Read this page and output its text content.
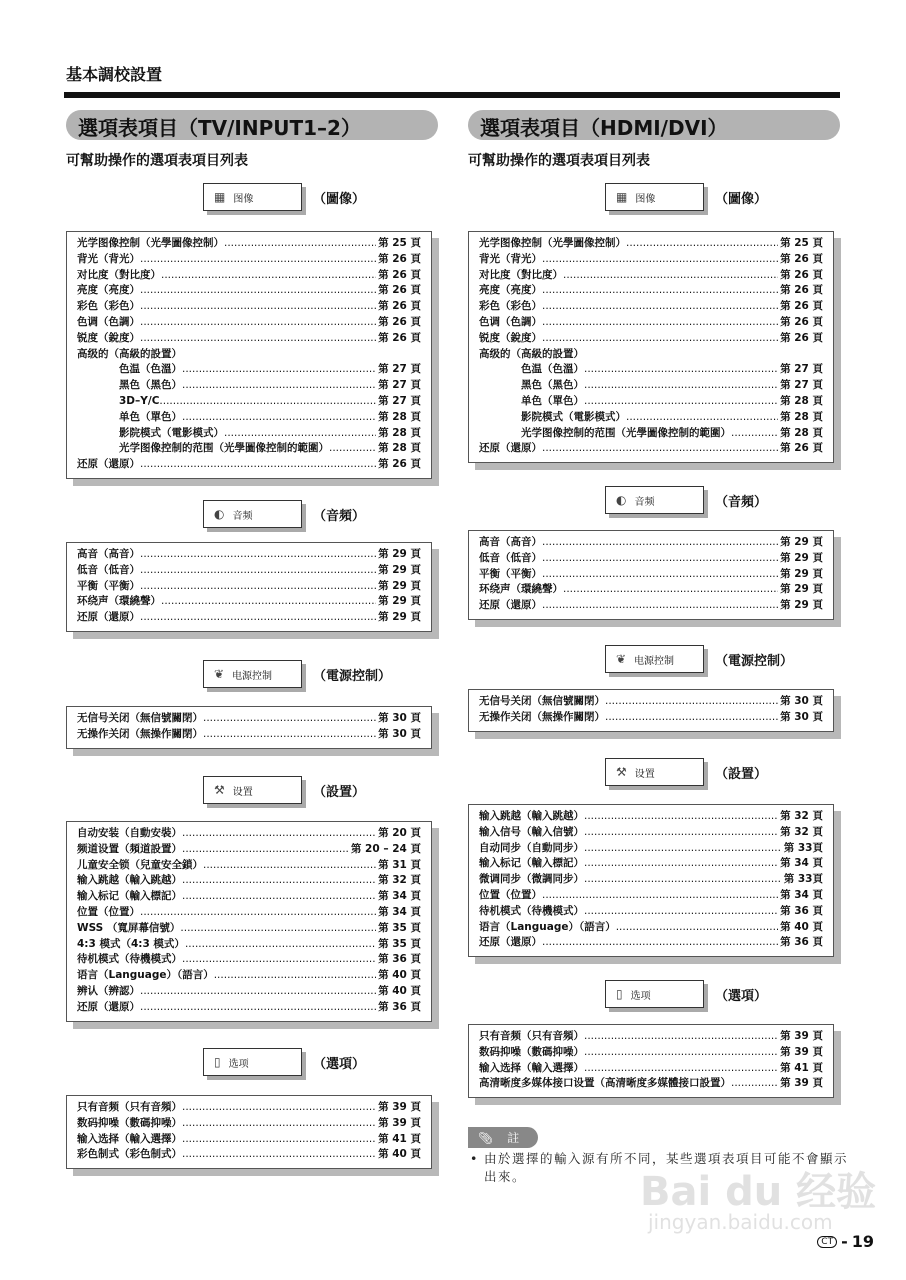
基本調校設置
選項表項目（TV/INPUT1–2）
可幫助操作的選項表項目列表
▦ 图像	（圖像）
光学图像控制（光學圖像控制） .....	第 25 頁
背光（背光） .....	第 26 頁
对比度（對比度） .....	第 26 頁
亮度（亮度） .....	第 26 頁
彩色（彩色） .....	第 26 頁
色调（色調） .....	第 26 頁
锐度（銳度） .....	第 26 頁
高级的（高級的設置）
色温（色溫） .....	第 27 頁
黑色（黑色） .....	第 27 頁
3D–Y/C .....	第 27 頁
单色（單色） .....	第 28 頁
影院模式（電影模式） .....	第 28 頁
光学图像控制的范围（光學圖像控制的範圍） .....	第 28 頁
还原（還原） .....	第 26 頁
◐ 音频	（音頻）
高音（高音） .....	第 29 頁
低音（低音） .....	第 29 頁
平衡（平衡） .....	第 29 頁
环绕声（環繞聲） .....	第 29 頁
还原（還原） .....	第 29 頁
❦ 电源控制	（電源控制）
无信号关闭（無信號關閉） .....	第 30 頁
无操作关闭（無操作關閉） .....	第 30 頁
⚒ 设置	（設置）
自动安装（自動安裝） .....	第 20 頁
频道设置（頻道設置） .....	第 20 – 24 頁
儿童安全锁（兒童安全鎖） .....	第 31 頁
输入跳越（輸入跳越） .....	第 32 頁
输入标记（輸入標記） .....	第 34 頁
位置（位置） .....	第 34 頁
WSS （寬屏幕信號） .....	第 35 頁
4:3 模式（4:3 模式） .....	第 35 頁
待机模式（待機模式） .....	第 36 頁
语言（Language）（語言） .....	第 40 頁
辨认（辨認） .....	第 40 頁
还原（還原） .....	第 36 頁
▯ 选项	（選項）
只有音频（只有音頻） .....	第 39 頁
数码抑噪（數碼抑噪） .....	第 39 頁
输入选择（輸入選擇） .....	第 41 頁
彩色制式（彩色制式） .....	第 40 頁
選項表項目（HDMI/DVI）
可幫助操作的選項表項目列表
▦ 图像	（圖像）
光学图像控制（光學圖像控制） .....	第 25 頁
背光（背光） .....	第 26 頁
对比度（對比度） .....	第 26 頁
亮度（亮度） .....	第 26 頁
彩色（彩色） .....	第 26 頁
色调（色調） .....	第 26 頁
锐度（銳度） .....	第 26 頁
高级的（高級的設置）
色温（色溫） .....	第 27 頁
黑色（黑色） .....	第 27 頁
单色（單色） .....	第 28 頁
影院模式（電影模式） .....	第 28 頁
光学图像控制的范围（光學圖像控制的範圍） .....	第 28 頁
还原（還原） .....	第 26 頁
◐ 音频	（音頻）
高音（高音） .....	第 29 頁
低音（低音） .....	第 29 頁
平衡（平衡） .....	第 29 頁
环绕声（環繞聲） .....	第 29 頁
还原（還原） .....	第 29 頁
❦ 电源控制	（電源控制）
无信号关闭（無信號關閉） .....	第 30 頁
无操作关闭（無操作關閉） .....	第 30 頁
⚒ 设置	（設置）
输入跳越（輸入跳越） .....	第 32 頁
输入信号（輸入信號） .....	第 32 頁
自动同步（自動同步） .....	第 33頁
输入标记（輸入標記） .....	第 34 頁
微调同步（微調同步） .....	第 33頁
位置（位置） .....	第 34 頁
待机模式（待機模式） .....	第 36 頁
语言（Language）（語言） .....	第 40 頁
还原（還原） .....	第 36 頁
▯ 选项	（選項）
只有音频（只有音頻） .....	第 39 頁
数码抑噪（數碼抑噪） .....	第 39 頁
输入选择（輸入選擇） .....	第 41 頁
高清晰度多媒体接口设置（高清晰度多媒體接口設置） .....	第 39 頁
📎︎ 註
• 由於選擇的輸入源有所不同，某些選項表項目可能不會顯示出來。	Bai du 经验
jingyan.baidu.com
CT - 19
